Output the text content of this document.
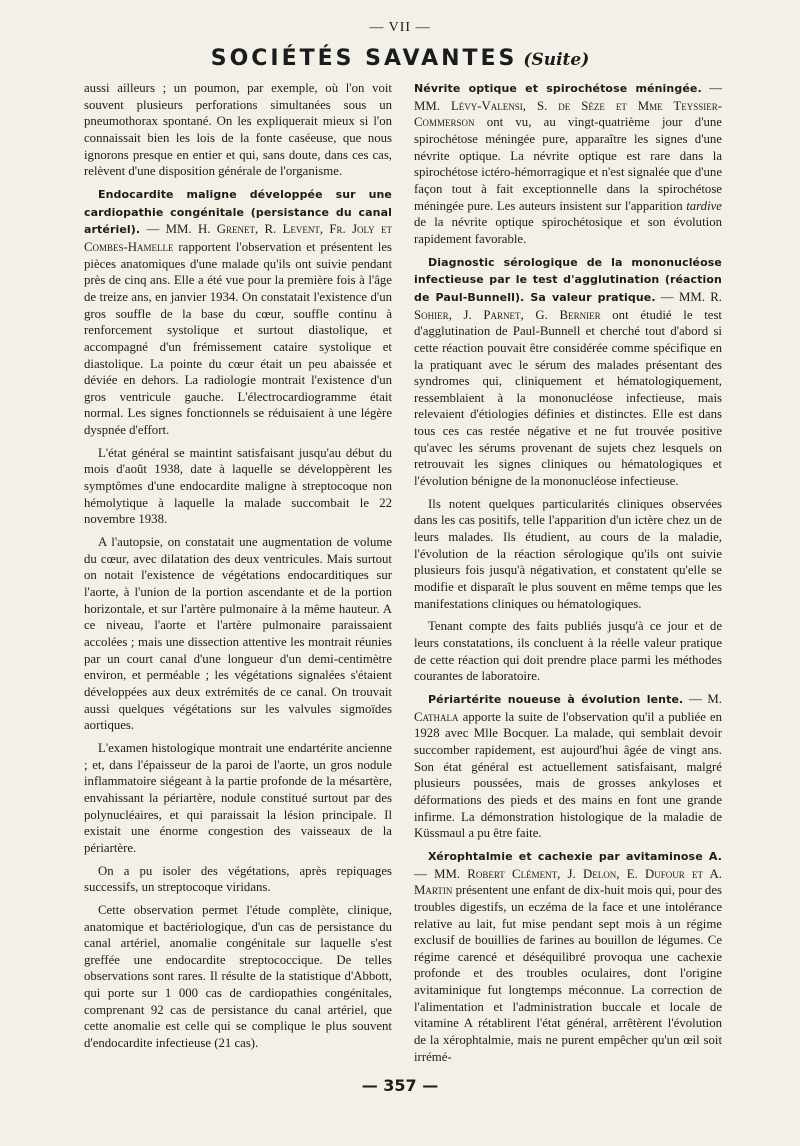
— VII —
SOCIÉTÉS SAVANTES (Suite)

aussi ailleurs ; un poumon, par exemple, où l'on voit souvent plusieurs perforations simultanées sous un pneumothorax spontané. On les expliquerait mieux si l'on connaissait bien les lois de la fonte caséeuse, que nous ignorons presque en entier et qui, sans doute, dans ces cas, relèvent d'une disposition générale de l'organisme.

Endocardite maligne développée sur une cardiopathie congénitale (persistance du canal artériel). — MM. H. Grenet, R. Levent, Fr. Joly et Combes-Hamelle rapportent l'observation et présentent les pièces anatomiques d'une malade qu'ils ont suivie pendant près de cinq ans. Elle a été vue pour la première fois à l'âge de treize ans, en janvier 1934. On constatait l'existence d'un gros souffle de la base du cœur, souffle continu à renforcement systolique et surtout diastolique, et accompagné d'un frémissement cataire systolique et diastolique. La pointe du cœur était un peu abaissée et déviée en dehors. La radiologie montrait l'existence d'un gros ventricule gauche. L'électrocardiogramme était normal. Les signes fonctionnels se réduisaient à une légère dyspnée d'effort.

L'état général se maintint satisfaisant jusqu'au début du mois d'août 1938, date à laquelle se développèrent les symptômes d'une endocardite maligne à streptocoque non hémolytique à laquelle la malade succombait le 22 novembre 1938.

A l'autopsie, on constatait une augmentation de volume du cœur, avec dilatation des deux ventricules. Mais surtout on notait l'existence de végétations endocarditiques sur l'aorte, à l'union de la portion ascendante et de la portion horizontale, et sur l'artère pulmonaire à la même hauteur. A ce niveau, l'aorte et l'artère pulmonaire paraissaient accolées ; mais une dissection attentive les montrait réunies par un court canal d'une longueur d'un demi-centimètre environ, et perméable ; les végétations signalées s'étaient développées aux deux extrémités de ce canal. On trouvait aussi quelques végétations sur les valvules sigmoïdes aortiques.

L'examen histologique montrait une endartérite ancienne ; et, dans l'épaisseur de la paroi de l'aorte, un gros nodule inflammatoire siégeant à la partie profonde de la mésartère, envahissant la périartère, nodule constitué surtout par des polynucléaires, et qui paraissait la lésion principale. Il existait une énorme congestion des vaisseaux de la périartère.

On a pu isoler des végétations, après repiquages successifs, un streptocoque viridans.

Cette observation permet l'étude complète, clinique, anatomique et bactériologique, d'un cas de persistance du canal artériel, anomalie congénitale sur laquelle s'est greffée une endocardite streptococcique. De telles observations sont rares. Il résulte de la statistique d'Abbott, qui porte sur 1 000 cas de cardiopathies congénitales, comprenant 92 cas de persistance du canal artériel, que cette anomalie est celle qui se complique le plus souvent d'endocardite infectieuse (21 cas).

Névrite optique et spirochétose méningée. — MM. Lévy-Valensi, S. de Sèze et Mme Teyssier-Commerson ont vu, au vingt-quatrième jour d'une spirochétose méningée pure, apparaître les signes d'une névrite optique. La névrite optique est rare dans la spirochétose ictéro-hémorragique et n'est signalée que d'une façon tout à fait exceptionnelle dans la spirochétose méningée pure. Les auteurs insistent sur l'apparition tardive de la névrite optique spirochétosique et son évolution rapidement favorable.

Diagnostic sérologique de la mononucléose infectieuse par le test d'agglutination (réaction de Paul-Bunnell). Sa valeur pratique. — MM. R. Sohier, J. Parnet, G. Bernier ont étudié le test d'agglutination de Paul-Bunnell et cherché tout d'abord si cette réaction pouvait être considérée comme spécifique en la pratiquant avec le sérum des malades présentant des syndromes qui, cliniquement et hématologiquement, ressemblaient à la mononucléose infectieuse, mais relevaient d'étiologies définies et distinctes. Elle est dans tous ces cas restée négative et ne fut trouvée positive qu'avec les sérums provenant de sujets chez lesquels on retrouvait les signes cliniques ou hématologiques et l'évolution bénigne de la mononucléose infectieuse.

Ils notent quelques particularités cliniques observées dans les cas positifs, telle l'apparition d'un ictère chez un de leurs malades. Ils étudient, au cours de la maladie, l'évolution de la réaction sérologique qu'ils ont suivie plusieurs fois jusqu'à négativation, et constatent qu'elle se modifie et disparaît le plus souvent en même temps que les manifestations cliniques ou hématologiques.

Tenant compte des faits publiés jusqu'à ce jour et de leurs constatations, ils concluent à la réelle valeur pratique de cette réaction qui doit prendre place parmi les méthodes courantes de laboratoire.

Périartérite noueuse à évolution lente. — M. Cathala apporte la suite de l'observation qu'il a publiée en 1928 avec Mlle Bocquer. La malade, qui semblait devoir succomber rapidement, est aujourd'hui âgée de vingt ans. Son état général est actuellement satisfaisant, malgré plusieurs poussées, mais de grosses ankyloses et déformations des pieds et des mains en font une grande infirme. La démonstration histologique de la maladie de Küssmaul a pu être faite.

Xérophtalmie et cachexie par avitaminose A. — MM. Robert Clément, J. Delon, E. Dufour et A. Martin présentent une enfant de dix-huit mois qui, pour des troubles digestifs, un eczéma de la face et une intolérance relative au lait, fut mise pendant sept mois à un régime exclusif de bouillies de farines au bouillon de légumes. Ce régime carencé et déséquilibré provoqua une cachexie profonde et des troubles oculaires, dont l'origine avitaminique fut longtemps méconnue. La correction de l'alimentation et l'administration buccale et locale de vitamine A rétablirent l'état général, arrêtèrent l'évolution de la xérophtalmie, mais ne purent empêcher qu'un œil soit irrémé-

— 357 —
